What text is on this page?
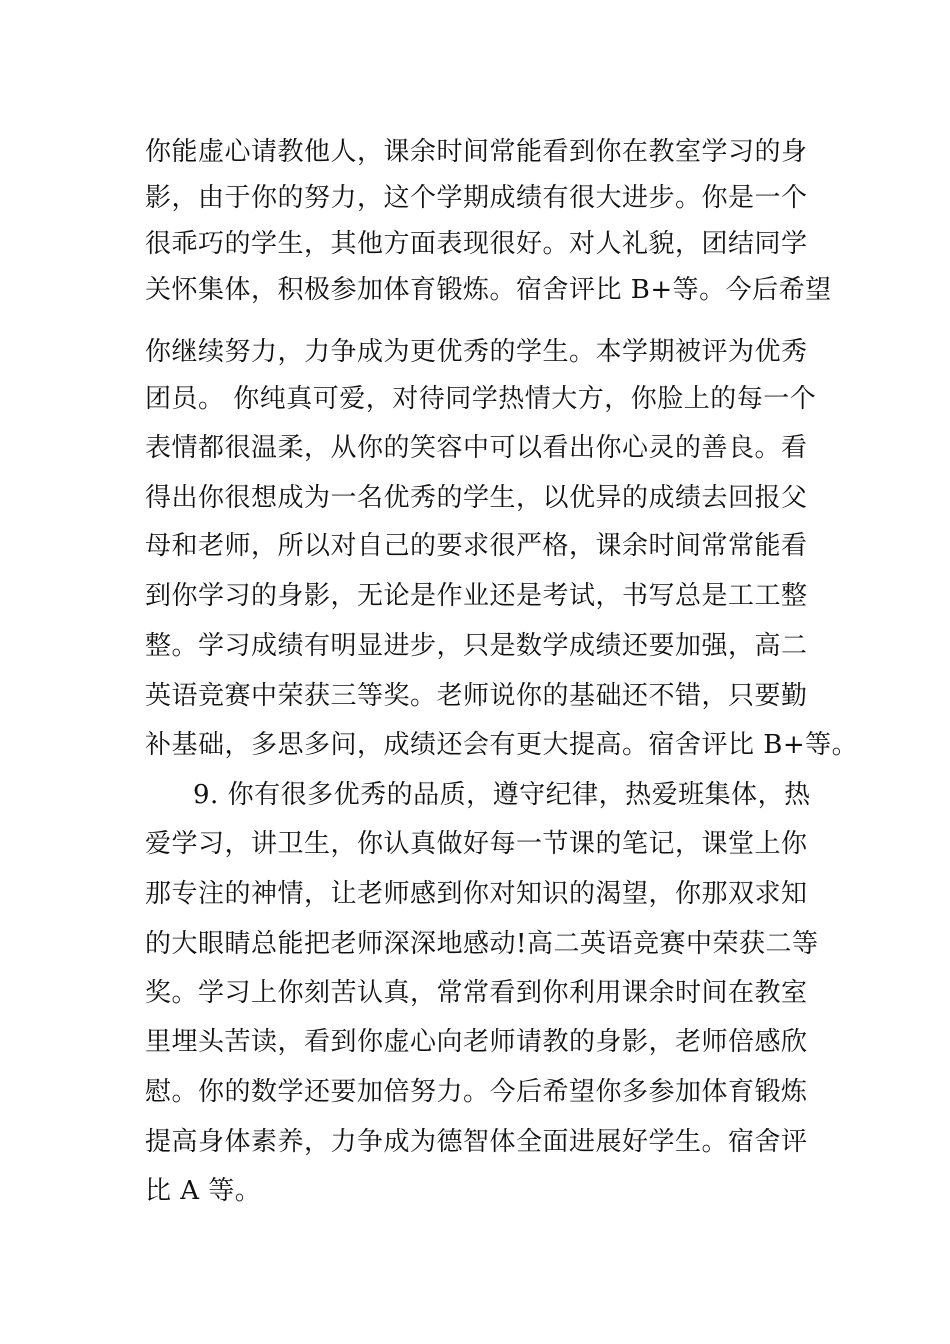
你能虚心请教他人，课余时间常能看到你在教室学习的身
影，由于你的努力，这个学期成绩有很大进步。你是一个
很乖巧的学生，其他方面表现很好。对人礼貌，团结同学
关怀集体，积极参加体育锻炼。宿舍评比 B+等。今后希望
你继续努力，力争成为更优秀的学生。本学期被评为优秀
团员。 你纯真可爱，对待同学热情大方，你脸上的每一个
表情都很温柔，从你的笑容中可以看出你心灵的善良。看
得出你很想成为一名优秀的学生，以优异的成绩去回报父
母和老师，所以对自己的要求很严格，课余时间常常能看
到你学习的身影，无论是作业还是考试，书写总是工工整
整。学习成绩有明显进步，只是数学成绩还要加强，高二
英语竞赛中荣获三等奖。老师说你的基础还不错，只要勤
补基础，多思多问，成绩还会有更大提高。宿舍评比 B+等。
9. 你有很多优秀的品质，遵守纪律，热爱班集体，热
爱学习，讲卫生，你认真做好每一节课的笔记，课堂上你
那专注的神情，让老师感到你对知识的渴望，你那双求知
的大眼睛总能把老师深深地感动!高二英语竞赛中荣获二等
奖。学习上你刻苦认真，常常看到你利用课余时间在教室
里埋头苦读，看到你虚心向老师请教的身影，老师倍感欣
慰。你的数学还要加倍努力。今后希望你多参加体育锻炼
提高身体素养，力争成为德智体全面进展好学生。宿舍评
比 A 等。
